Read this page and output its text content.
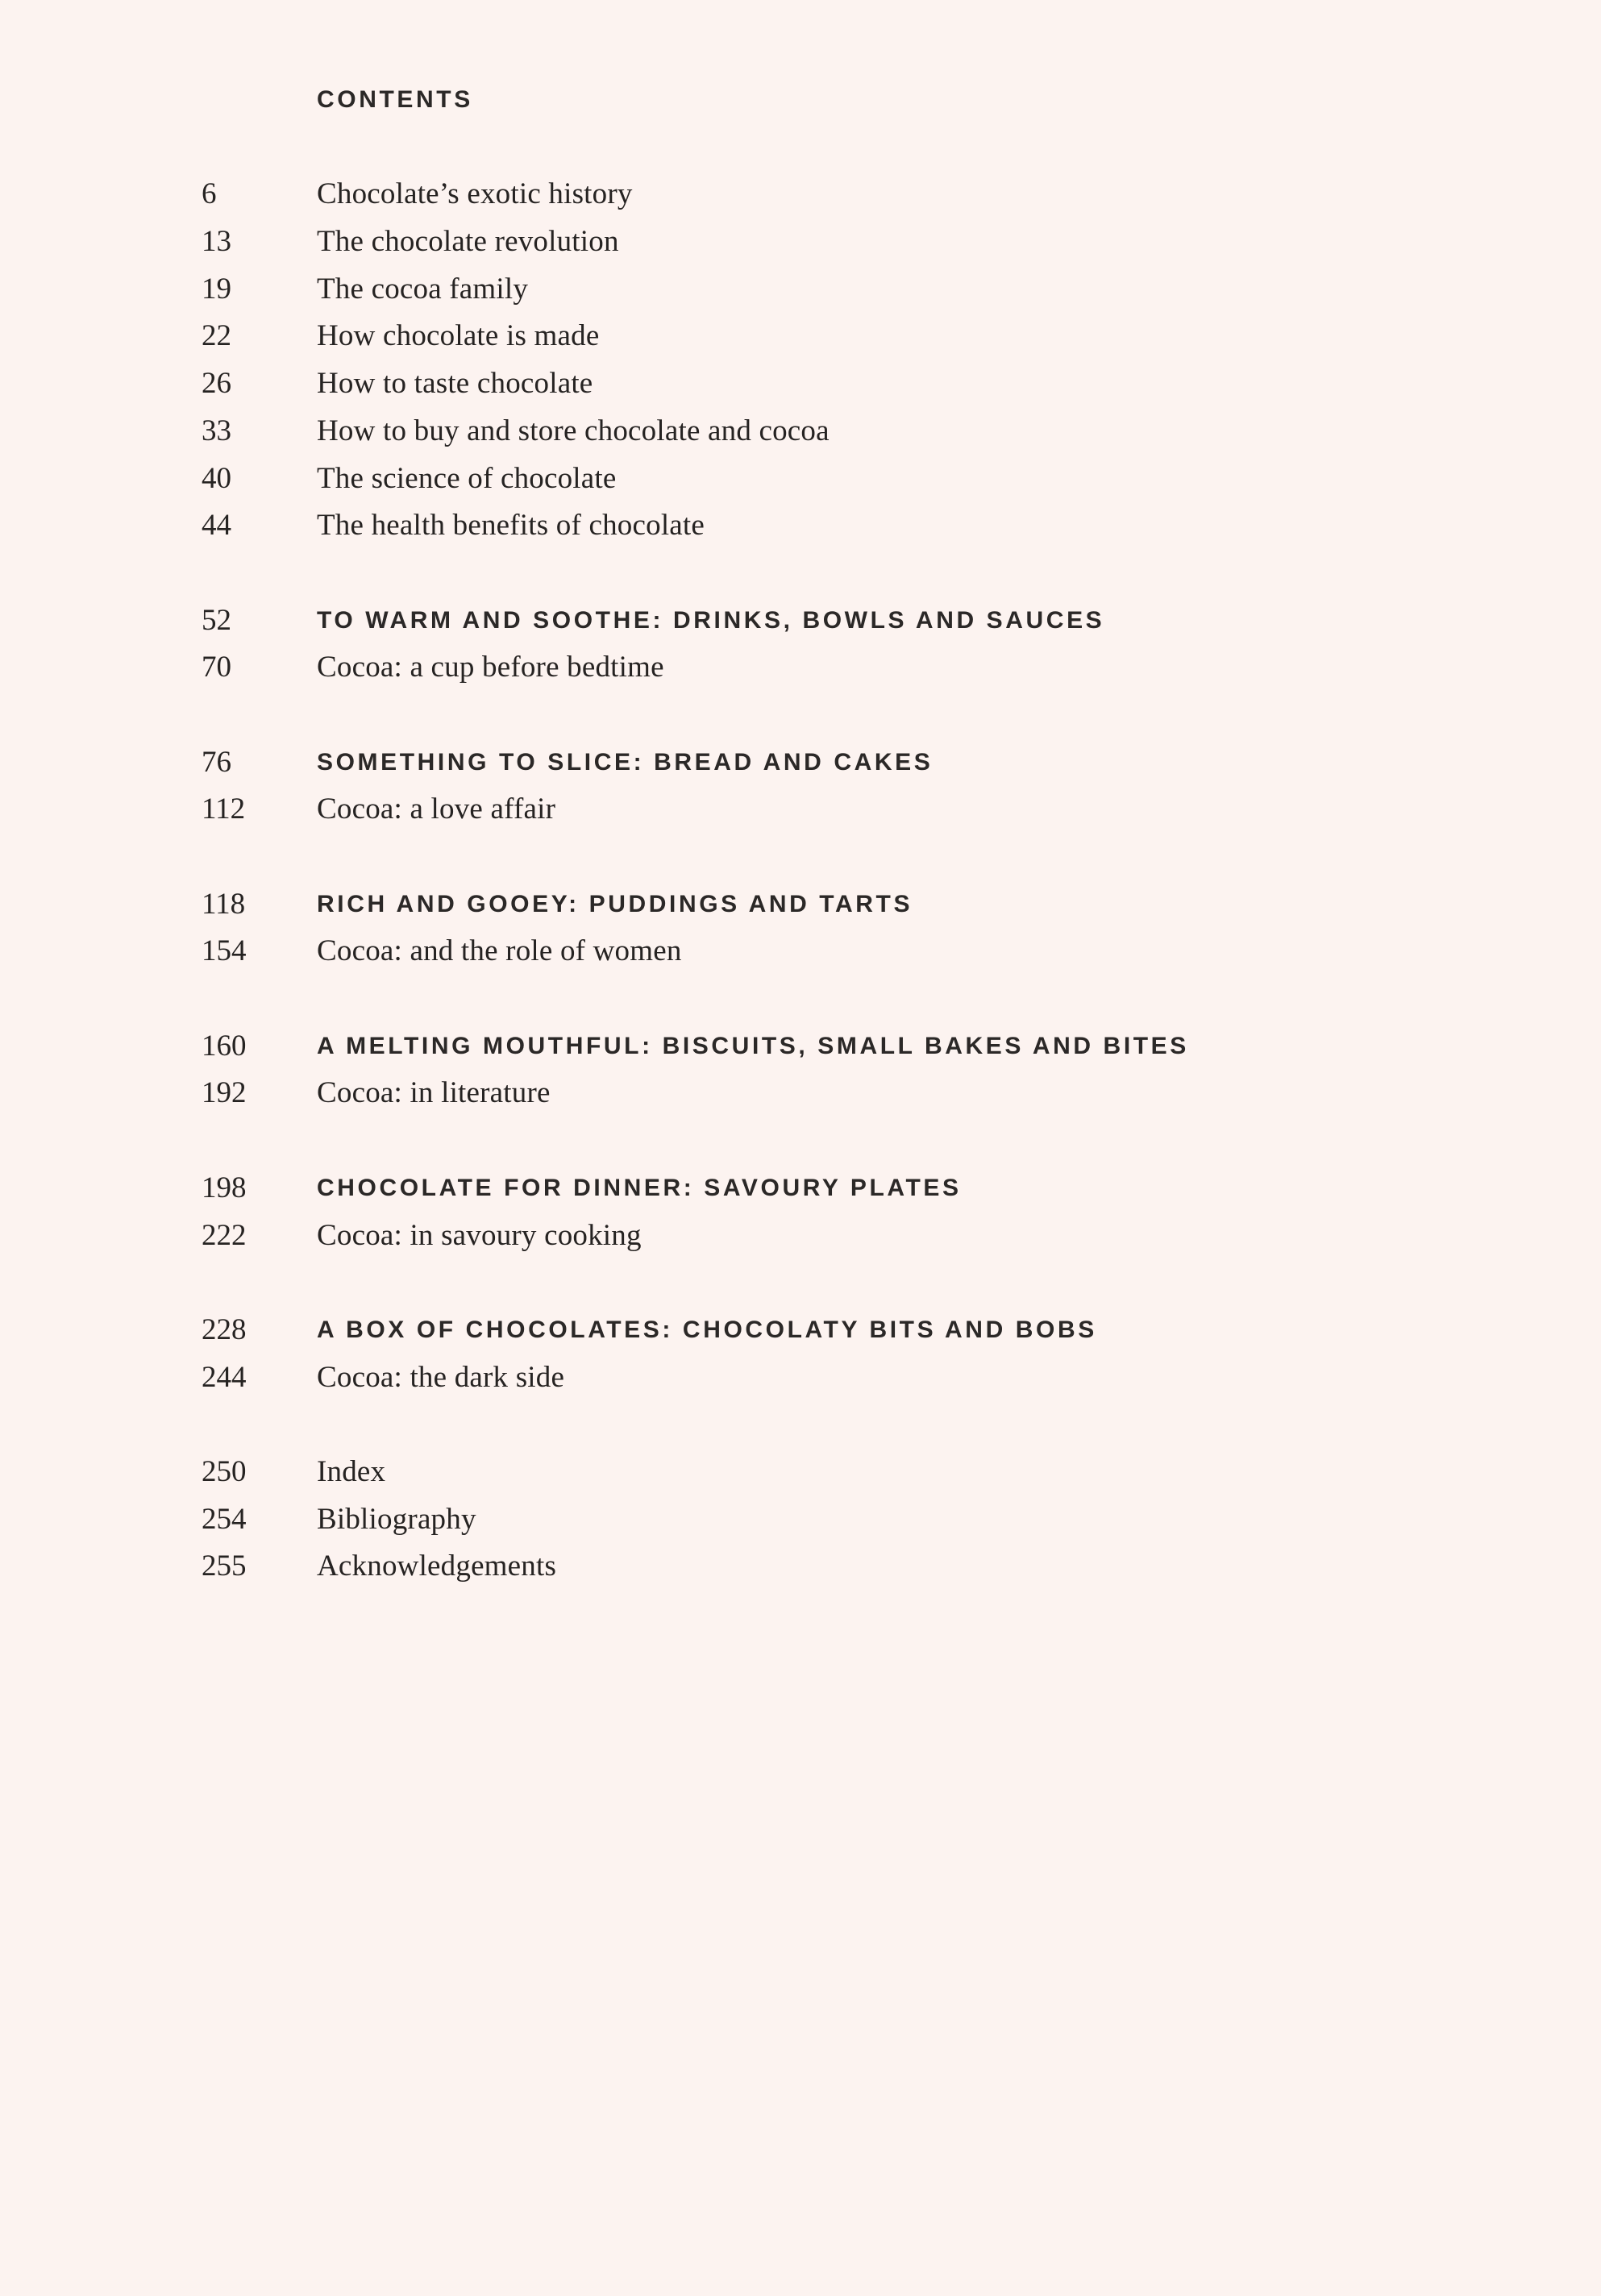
CONTENTS
6	Chocolate’s exotic history
13	The chocolate revolution
19	The cocoa family
22	How chocolate is made
26	How to taste chocolate
33	How to buy and store chocolate and cocoa
40	The science of chocolate
44	The health benefits of chocolate
52	TO WARM AND SOOTHE: DRINKS, BOWLS AND SAUCES
70	Cocoa: a cup before bedtime
76	SOMETHING TO SLICE: BREAD AND CAKES
112	Cocoa: a love affair
118	RICH AND GOOEY: PUDDINGS AND TARTS
154	Cocoa: and the role of women
160	A MELTING MOUTHFUL: BISCUITS, SMALL BAKES AND BITES
192	Cocoa: in literature
198	CHOCOLATE FOR DINNER: SAVOURY PLATES
222	Cocoa: in savoury cooking
228	A BOX OF CHOCOLATES: CHOCOLATY BITS AND BOBS
244	Cocoa: the dark side
250	Index
254	Bibliography
255	Acknowledgements
